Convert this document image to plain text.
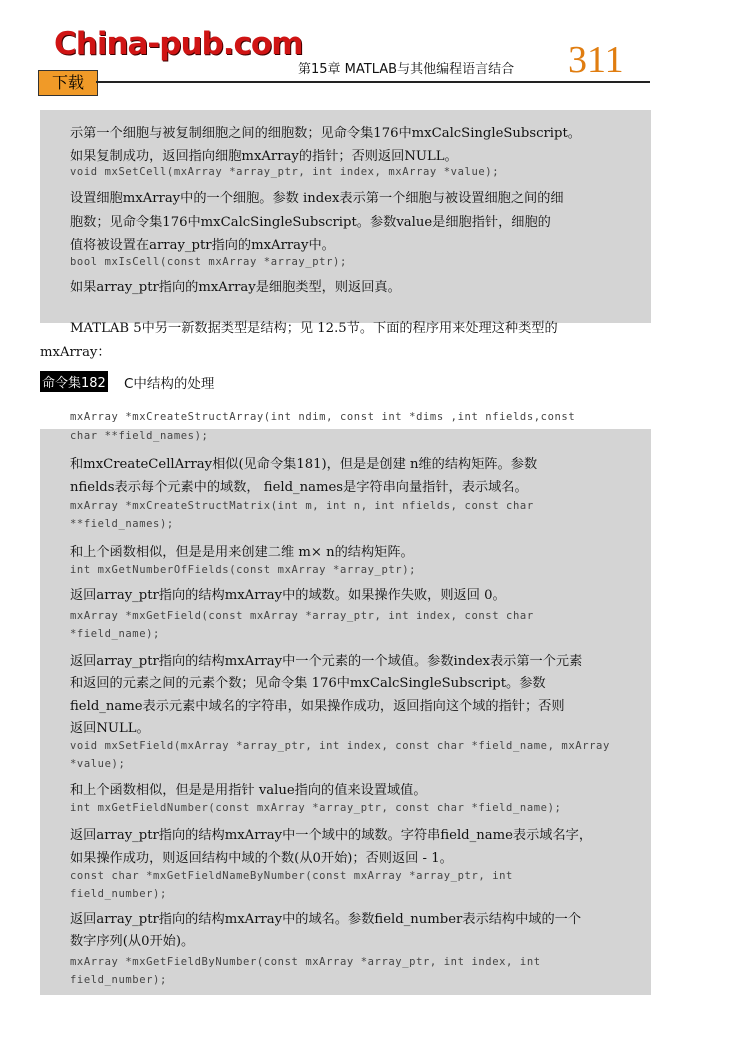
China-pub.com
下载
第15章 MATLAB与其他编程语言结合 311
示第一个细胞与被复制细胞之间的细胞数；见命令集176中mxCalcSingleSubscript。
如果复制成功，返回指向细胞mxArray的指针；否则返回NULL。
void mxSetCell(mxArray *array_ptr, int index, mxArray *value);
设置细胞mxArray中的一个细胞。参数 index表示第一个细胞与被设置细胞之间的细
胞数；见命令集176中mxCalcSingleSubscript。参数value是细胞指针，细胞的
值将被设置在array_ptr指向的mxArray中。
bool mxIsCell(const mxArray *array_ptr);
如果array_ptr指向的mxArray是细胞类型，则返回真。
MATLAB 5中另一新数据类型是结构；见 12.5节。下面的程序用来处理这种类型的
mxArray：
命令集182 C中结构的处理
mxArray *mxCreateStructArray(int ndim, const int *dims ,int nfields,const
char **field_names);
和mxCreateCellArray相似(见命令集181)，但是是创建 n维的结构矩阵。参数
nfields表示每个元素中的域数， field_names是字符串向量指针，表示域名。
mxArray *mxCreateStructMatrix(int m, int n, int nfields, const char
**field_names);
和上个函数相似，但是是用来创建二维 m× n的结构矩阵。
int mxGetNumberOfFields(const mxArray *array_ptr);
返回array_ptr指向的结构mxArray中的域数。如果操作失败，则返回 0。
mxArray *mxGetField(const mxArray *array_ptr, int index, const char
*field_name);
返回array_ptr指向的结构mxArray中一个元素的一个域值。参数index表示第一个元素
和返回的元素之间的元素个数；见命令集 176中mxCalcSingleSubscript。参数
field_name表示元素中域名的字符串，如果操作成功，返回指向这个域的指针；否则
返回NULL。
void mxSetField(mxArray *array_ptr, int index, const char *field_name, mxArray
*value);
和上个函数相似，但是是用指针 value指向的值来设置域值。
int mxGetFieldNumber(const mxArray *array_ptr, const char *field_name);
返回array_ptr指向的结构mxArray中一个域中的域数。字符串field_name表示域名字，
如果操作成功，则返回结构中域的个数(从0开始)；否则返回 - 1。
const char *mxGetFieldNameByNumber(const mxArray *array_ptr, int
field_number);
返回array_ptr指向的结构mxArray中的域名。参数field_number表示结构中域的一个
数字序列(从0开始)。
mxArray *mxGetFieldByNumber(const mxArray *array_ptr, int index, int
field_number);
